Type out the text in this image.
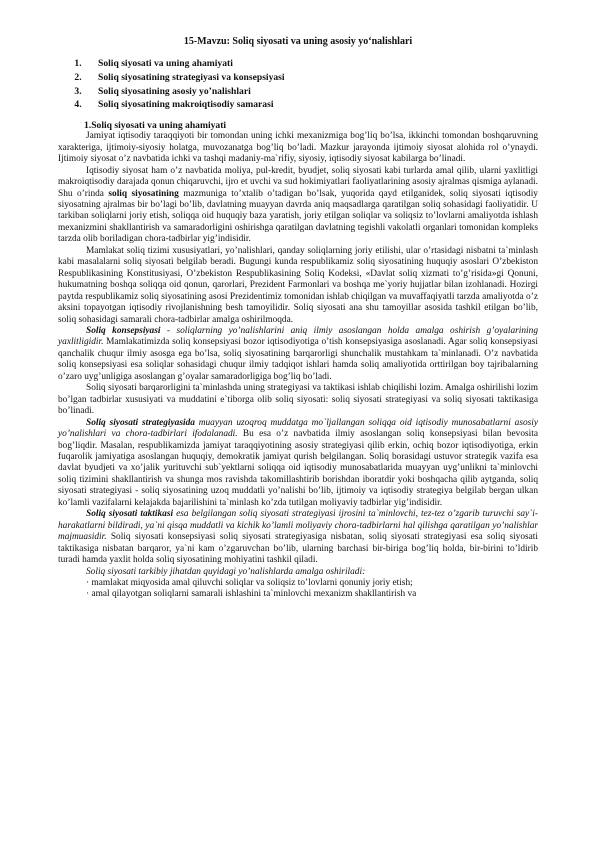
15-Mavzu: Soliq siyosati va uning asosiy yo‘nalishlari
1. Soliq siyosati va uning ahamiyati
2. Soliq siyosatining strategiyasi va konsepsiyasi
3. Soliq siyosatining asosiy yo’nalishlari
4. Soliq siyosatining makroiqtisodiy samarasi
1.Soliq siyosati va uning ahamiyati

Jamiyat iqtisodiy taraqqiyoti bir tomondan uning ichki mexanizmiga bog’liq bo’lsa, ikkinchi tomondan boshqaruvning xarakteriga, ijtimoiy-siyosiy holatga, muvozanatga bog’liq bo’ladi. Mazkur jarayonda ijtimoiy siyosat alohida rol o’ynaydi. Ijtimoiy siyosat o’z navbatida ichki va tashqi madaniy-ma`rifiy, siyosiy, iqtisodiy siyosat kabilarga bo’linadi.

Iqtisodiy siyosat ham o’z navbatida moliya, pul-kredit, byudjet, soliq siyosati kabi turlarda amal qilib, ularni yaxlitligi makroiqtisodiy darajada qonun chiqaruvchi, ijro et uvchi va sud hokimiyatlari faoliyatlarining asosiy ajralmas qismiga aylanadi. Shu o’rinda soliq siyosatining mazmuniga to’xtalib o’tadigan bo’lsak, yuqorida qayd etilganidek, soliq siyosati iqtisodiy siyosatning ajralmas bir bo’lagi bo’lib, davlatning muayyan davrda aniq maqsadlarga qaratilgan soliq sohasidagi faoliyatidir. U tarkiban soliqlarni joriy etish, soliqqa oid huquqiy baza yaratish, joriy etilgan soliqlar va soliqsiz to’lovlarni amaliyotda ishlash mexanizmini shakllantirish va samaradorligini oshirishga qaratilgan davlatning tegishli vakolatli organlari tomonidan kompleks tarzda olib boriladigan chora-tadbirlar yig’indisidir.

Mamlakat soliq tizimi xususiyatlari, yo’nalishlari, qanday soliqlarning joriy etilishi, ular o’rtasidagi nisbatni ta`minlash kabi masalalarni soliq siyosati belgilab beradi. Bugungi kunda respublikamiz soliq siyosatining huquqiy asoslari O’zbekiston Respublikasining Konstitusiyasi, O’zbekiston Respublikasining Soliq Kodeksi, «Davlat soliq xizmati to’g’risida»gi Qonuni, hukumatning boshqa soliqqa oid qonun, qarorlari, Prezident Farmonlari va boshqa me`yoriy hujjatlar bilan izohlanadi. Hozirgi paytda respublikamiz soliq siyosatining asosi Prezidentimiz tomonidan ishlab chiqilgan va muvaffaqiyatli tarzda amaliyotda o’z aksini topayotgan iqtisodiy rivojlanishning besh tamoyilidir. Soliq siyosati ana shu tamoyillar asosida tashkil etilgan bo’lib, soliq sohasidagi samarali chora-tadbirlar amalga oshirilmoqda.

Soliq konsepsiyasi - soliqlarning yo’nalishlarini aniq ilmiy asoslangan holda amalga oshirish g’oyalarining yaxlitligidir. Mamlakatimizda soliq konsepsiyasi bozor iqtisodiyotiga o’tish konsepsiyasiga asoslanadi. Agar soliq konsepsiyasi qanchalik chuqur ilmiy asosga ega bo’lsa, soliq siyosatining barqarorligi shunchalik mustahkam ta`minlanadi. O’z navbatida soliq konsepsiyasi esa soliqlar sohasidagi chuqur ilmiy tadqiqot ishlari hamda soliq amaliyotida orttirilgan boy tajribalarning o’zaro uyg’unligiga asoslangan g’oyalar samaradorligiga bog’liq bo’ladi.

Soliq siyosati barqarorligini ta`minlashda uning strategiyasi va taktikasi ishlab chiqilishi lozim. Amalga oshirilishi lozim bo’lgan tadbirlar xususiyati va muddatini e`tiborga olib soliq siyosati: soliq siyosati strategiyasi va soliq siyosati taktikasiga bo’linadi.

Soliq siyosati strategiyasida muayyan uzoqroq muddatga mo`ljallangan soliqqa oid iqtisodiy munosabatlarni asosiy yo’nalishlari va chora-tadbirlari ifodalanadi. Bu esa o’z navbatida ilmiy asoslangan soliq konsepsiyasi bilan bevosita bog’liqdir. Masalan, respublikamizda jamiyat taraqqiyotining asosiy strategiyasi qilib erkin, ochiq bozor iqtisodiyotiga, erkin fuqarolik jamiyatiga asoslangan huquqiy, demokratik jamiyat qurish belgilangan. Soliq borasidagi ustuvor strategik vazifa esa davlat byudjeti va xo’jalik yurituvchi sub`yektlarni soliqqa oid iqtisodiy munosabatlarida muayyan uyg’unlikni ta`minlovchi soliq tizimini shakllantirish va shunga mos ravishda takomillashtirib borishdan iboratdir yoki boshqacha qilib aytganda, soliq siyosati strategiyasi - soliq siyosatining uzoq muddatli yo’nalishi bo’lib, ijtimoiy va iqtisodiy strategiya belgilab bergan ulkan ko’lamli vazifalarni kelajakda bajarilishini ta`minlash ko’zda tutilgan moliyaviy tadbirlar yig’indisidir.

Soliq siyosati taktikasi esa belgilangan soliq siyosati strategiyasi ijrosini ta`minlovchi, tez-tez o’zgarib turuvchi say`i-harakatlarni bildiradi, ya`ni qisqa muddatli va kichik ko’lamli moliyaviy chora-tadbirlarni hal qilishga qaratilgan yo’nalishlar majmuasidir. Soliq siyosati konsepsiyasi soliq siyosati strategiyasiga nisbatan, soliq siyosati strategiyasi esa soliq siyosati taktikasiga nisbatan barqaror, ya`ni kam o’zgaruvchan bo’lib, ularning barchasi bir-biriga bog’liq holda, bir-birini to’ldirib turadi hamda yaxlit holda soliq siyosatining mohiyatini tashkil qiladi.

Soliq siyosati tarkibiy jihatdan quyidagi yo’nalishlarda amalga oshiriladi:

· mamlakat miqyosida amal qiluvchi soliqlar va soliqsiz to’lovlarni qonuniy joriy etish;

· amal qilayotgan soliqlarni samarali ishlashini ta`minlovchi mexanizm shakllantirish va
